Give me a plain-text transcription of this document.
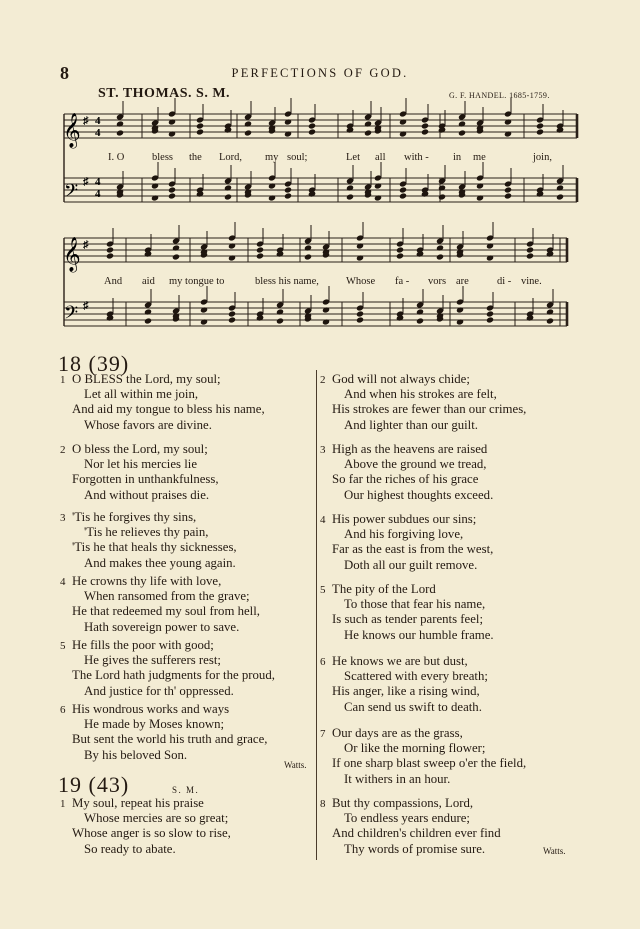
8	PERFECTIONS OF GOD.
ST. THOMAS. S. M.	G. F. HANDEL. 1685-1759.
𝄞
𝄢
𝄞
𝄢
♯
♯
♯
♯
4
4
4
4
I. O	bless the Lord, my soul;	Let all with - in me	join,
And aid my tongue to	bless his name,	Whose fa - vors are	di - vine.
18 (39)
1 O BLESS the Lord, my soul;
Let all within me join,
And aid my tongue to bless his name,
Whose favors are divine.
2 O bless the Lord, my soul;
Nor let his mercies lie
Forgotten in unthankfulness,
And without praises die.
3 'Tis he forgives thy sins,
'Tis he relieves thy pain,
'Tis he that heals thy sicknesses,
And makes thee young again.
4 He crowns thy life with love,
When ransomed from the grave;
He that redeemed my soul from hell,
Hath sovereign power to save.
5 He fills the poor with good;
He gives the sufferers rest;
The Lord hath judgments for the proud,
And justice for th' oppressed.
6 His wondrous works and ways
He made by Moses known;
But sent the world his truth and grace,
By his beloved Son.
Watts.
19 (43)	S. M.
1 My soul, repeat his praise
Whose mercies are so great;
Whose anger is so slow to rise,
So ready to abate.
2 God will not always chide;
And when his strokes are felt,
His strokes are fewer than our crimes,
And lighter than our guilt.
3 High as the heavens are raised
Above the ground we tread,
So far the riches of his grace
Our highest thoughts exceed.
4 His power subdues our sins;
And his forgiving love,
Far as the east is from the west,
Doth all our guilt remove.
5 The pity of the Lord
To those that fear his name,
Is such as tender parents feel;
He knows our humble frame.
6 He knows we are but dust,
Scattered with every breath;
His anger, like a rising wind,
Can send us swift to death.
7 Our days are as the grass,
Or like the morning flower;
If one sharp blast sweep o'er the field,
It withers in an hour.
8 But thy compassions, Lord,
To endless years endure;
And children's children ever find
Thy words of promise sure.	Watts.
